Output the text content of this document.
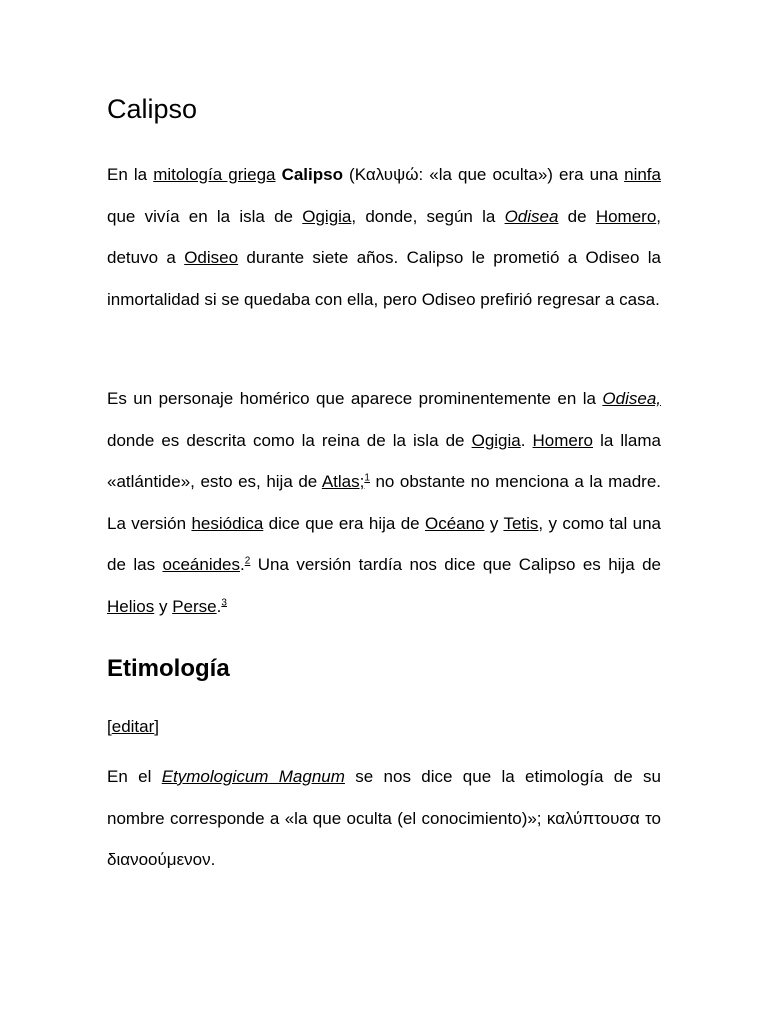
Calipso

En la mitología griega Calipso (Καλυψώ: «la que oculta») era una ninfa que vivía en la isla de Ogigia, donde, según la Odisea de Homero, detuvo a Odiseo durante siete años. Calipso le prometió a Odiseo la inmortalidad si se quedaba con ella, pero Odiseo prefirió regresar a casa.

Es un personaje homérico que aparece prominentemente en la Odisea, donde es descrita como la reina de la isla de Ogigia. Homero la llama «atlántide», esto es, hija de Atlas;$^1$ no obstante no menciona a la madre. La versión hesiódica dice que era hija de Océano y Tetis, y como tal una de las oceánides.$^2$ Una versión tardía nos dice que Calipso es hija de Helios y Perse.$^3$

Etimología
[editar]

En el Etymologicum Magnum se nos dice que la etimología de su nombre corresponde a «la que oculta (el conocimiento)»; καλύπτουσα το διανοούμενον.
